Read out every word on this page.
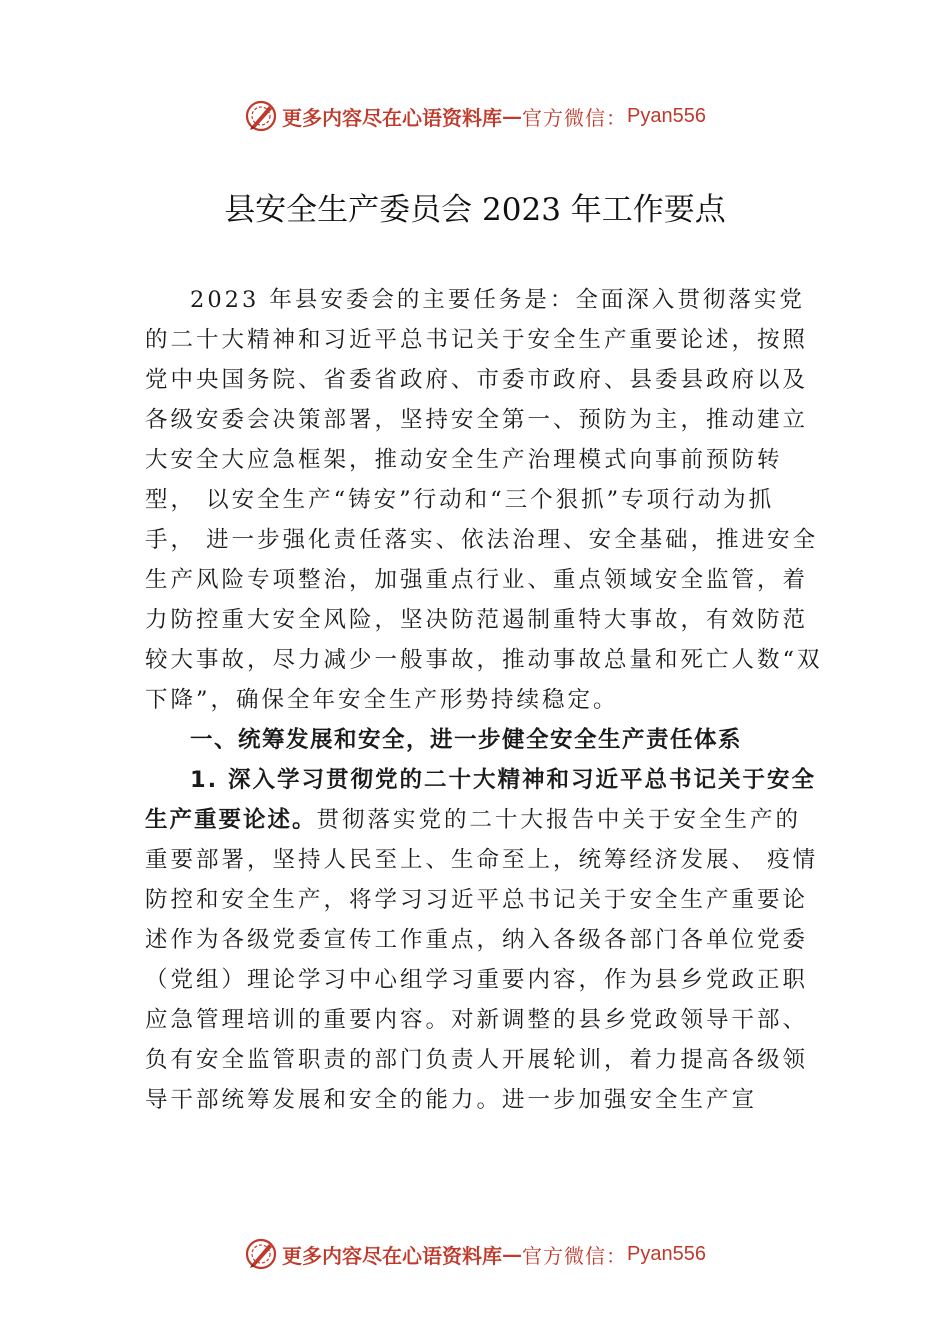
更多内容尽在心语资料库 — 官方微信： Pyan556
县安全生产委员会 2023 年工作要点

2023 年县安委会的主要任务是：全面深入贯彻落实党的二十大精神和习近平总书记关于安全生产重要论述，按照党中央国务院、省委省政府、市委市政府、县委县政府以及各级安委会决策部署，坚持安全第一、预防为主，推动建立大安全大应急框架，推动安全生产治理模式向事前预防转型， 以安全生产“铸安”行动和“三个狠抓”专项行动为抓手， 进一步强化责任落实、依法治理、安全基础，推进安全生产风险专项整治，加强重点行业、重点领域安全监管，着力防控重大安全风险，坚决防范遏制重特大事故，有效防范较大事故，尽力减少一般事故，推动事故总量和死亡人数“双下降”，确保全年安全生产形势持续稳定。

一、统筹发展和安全，进一步健全安全生产责任体系

1. 深入学习贯彻党的二十大精神和习近平总书记关于安全生产重要论述。贯彻落实党的二十大报告中关于安全生产的重要部署，坚持人民至上、生命至上，统筹经济发展、 疫情防控和安全生产，将学习习近平总书记关于安全生产重要论述作为各级党委宣传工作重点，纳入各级各部门各单位党委（党组）理论学习中心组学习重要内容，作为县乡党政正职应急管理培训的重要内容。对新调整的县乡党政领导干部、负有安全监管职责的部门负责人开展轮训，着力提高各级领导干部统筹发展和安全的能力。进一步加强安全生产宣

更多内容尽在心语资料库 — 官方微信： Pyan556
